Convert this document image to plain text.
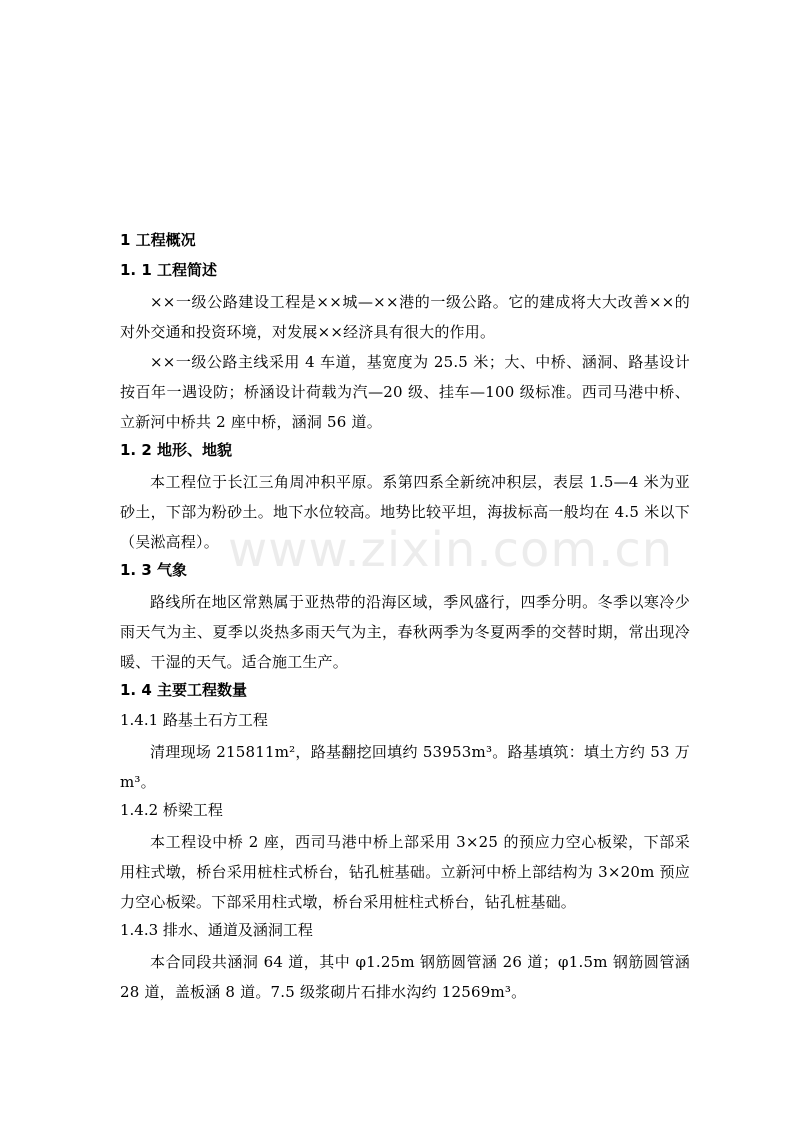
www.zixin.com.cn
1 工程概况
1. 1 工程简述

××一级公路建设工程是××城—××港的一级公路。它的建成将大大改善××的对外交通和投资环境，对发展××经济具有很大的作用。

××一级公路主线采用 4 车道，基宽度为 25.5 米；大、中桥、涵洞、路基设计按百年一遇设防；桥涵设计荷载为汽—20 级、挂车—100 级标准。西司马港中桥、立新河中桥共 2 座中桥，涵洞 56 道。

1. 2 地形、地貌

本工程位于长江三角周冲积平原。系第四系全新统冲积层，表层 1.5—4 米为亚砂土，下部为粉砂土。地下水位较高。地势比较平坦，海拔标高一般均在 4.5 米以下（吴淞高程）。

1. 3 气象

路线所在地区常熟属于亚热带的沿海区域，季风盛行，四季分明。冬季以寒冷少雨天气为主、夏季以炎热多雨天气为主，春秋两季为冬夏两季的交替时期，常出现冷暖、干湿的天气。适合施工生产。

1. 4 主要工程数量
1.4.1 路基土石方工程

清理现场 215811m²，路基翻挖回填约 53953m³。路基填筑：填土方约 53 万m³。

1.4.2 桥梁工程

本工程设中桥 2 座，西司马港中桥上部采用 3×25 的预应力空心板梁，下部采用柱式墩，桥台采用桩柱式桥台，钻孔桩基础。立新河中桥上部结构为 3×20m 预应力空心板梁。下部采用柱式墩，桥台采用桩柱式桥台，钻孔桩基础。

1.4.3 排水、通道及涵洞工程

本合同段共涵洞 64 道，其中 φ1.25m 钢筋圆管涵 26 道；φ1.5m 钢筋圆管涵 28 道，盖板涵 8 道。7.5 级浆砌片石排水沟约 12569m³。
